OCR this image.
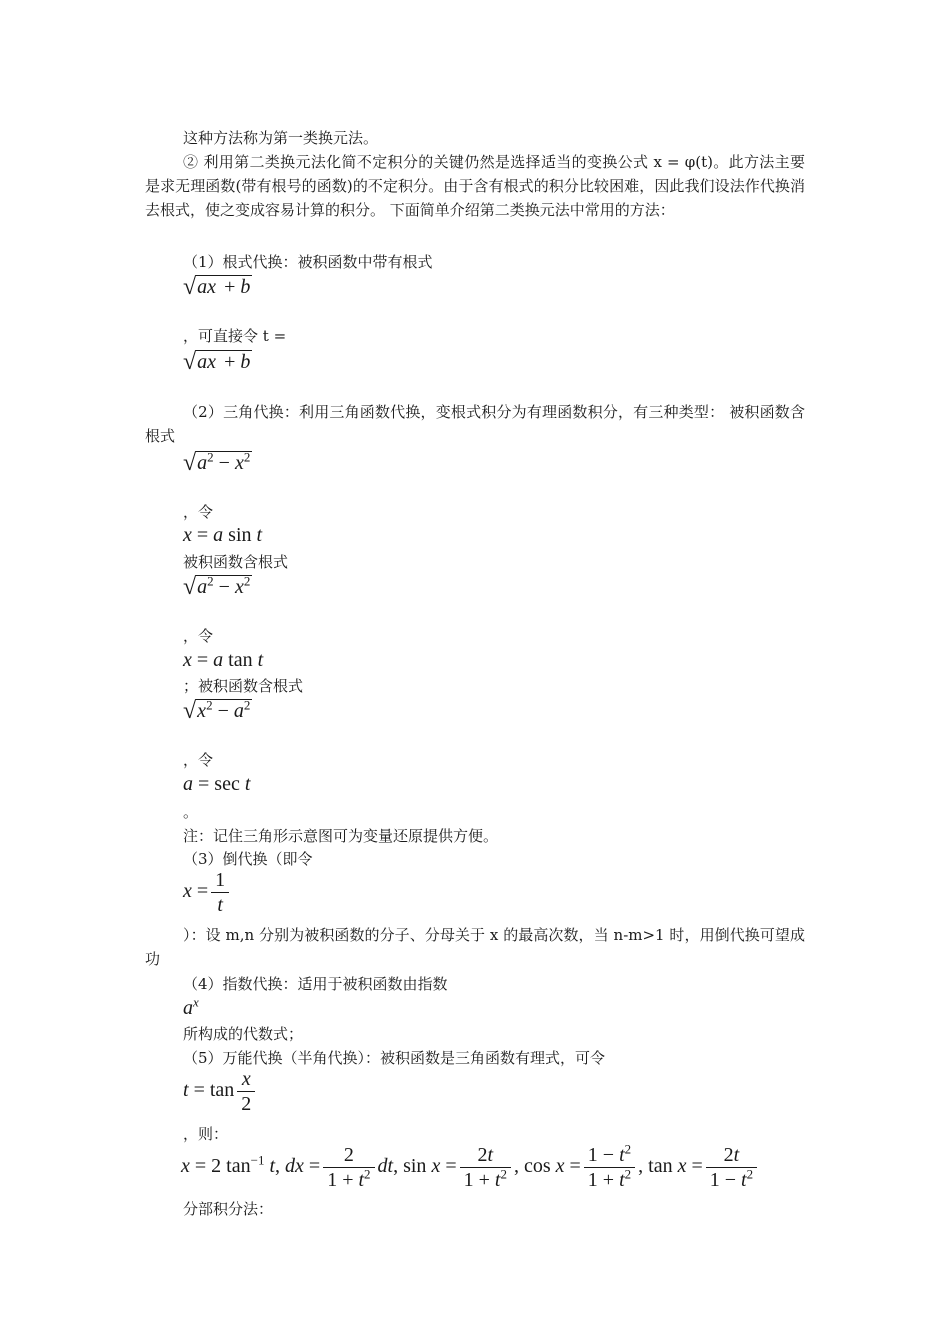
这种方法称为第一类换元法。
② 利用第二类换元法化简不定积分的关键仍然是选择适当的变换公式 x = φ(t)。此方法主要是求无理函数(带有根号的函数)的不定积分。由于含有根式的积分比较困难，因此我们设法作代换消去根式，使之变成容易计算的积分。 下面简单介绍第二类换元法中常用的方法：
（1）根式代换：被积函数中带有根式
√ax + b
，可直接令 t =
√ax + b
（2）三角代换：利用三角函数代换，变根式积分为有理函数积分，有三种类型： 被积函数含根式
$√a^2 - x^2$
，令
x = a sin t
被积函数含根式
$√a^2 - x^2$
，令
x = a tan t
；被积函数含根式
$√x^2 - a^2$
，令
a = sec t
。
注：记住三角形示意图可为变量还原提供方便。
（3）倒代换（即令
$x = \frac{1}{t}$
）：设 m,n 分别为被积函数的分子、分母关于 x 的最高次数，当 n-m>1 时，用倒代换可望成功
（4）指数代换：适用于被积函数由指数
$a^x$
所构成的代数式；
（5）万能代换（半角代换）：被积函数是三角函数有理式，可令
$t = \tan \frac{x}{2}$
，则：
x = 2 $\tan^{-1} t$, dx = $\frac{2}{1 + t^2}$ dt, $\sin x = \frac{2t}{1 + t^2}$ , $\cos x = \frac{1 - t^2}{1 + t^2}$ , $\tan x = \frac{2t}{1 - t^2}$
分部积分法：
